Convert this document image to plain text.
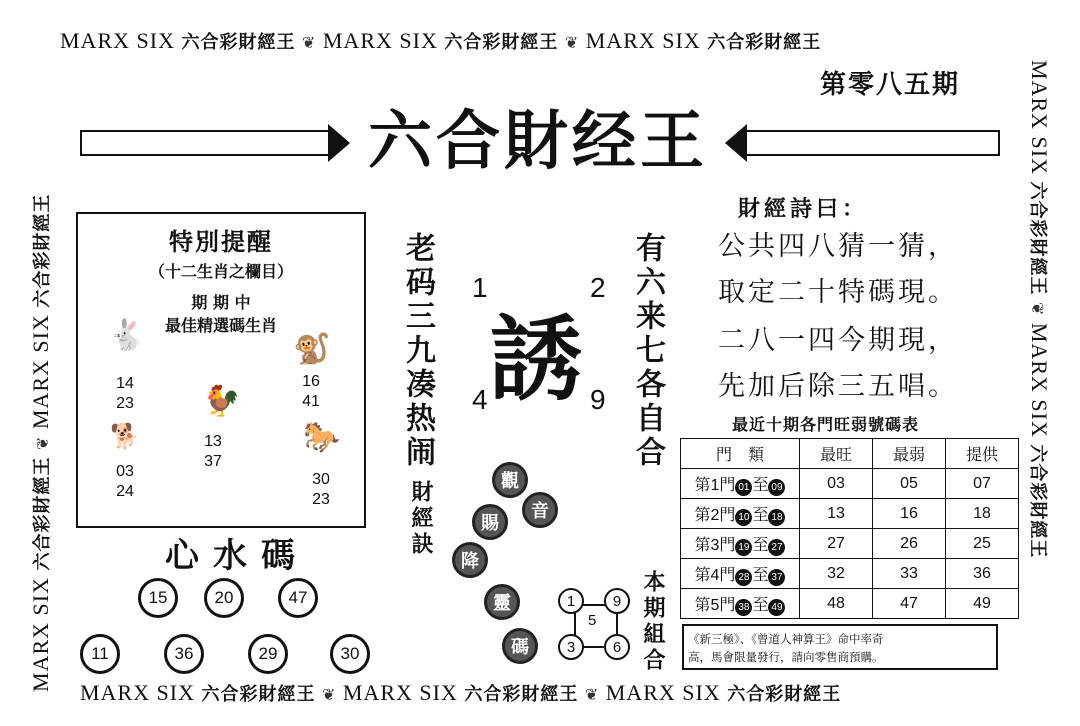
MARX SIX 六合彩財經王 ❦ MARX SIX 六合彩財經王 ❦ MARX SIX 六合彩財經王
MARX SIX 六合彩財經王 ❦ MARX SIX 六合彩財經王 ❦ MARX SIX 六合彩財經王
MARX SIX 六合彩財經王 ❦ MARX SIX 六合彩財經王
MARX SIX 六合彩財經王 ❦ MARX SIX 六合彩財經王
第零八五期
六合財经王
特別提醒
（十二生肖之欄目）
期 期 中
最佳精選碼生肖
🐇
14
23
🐒
16
41
🐓
13
37
🐕
03
24
🐎
30
23
心水碼
15	20	47
11	36	29	30
老码三九凑热闹	有六来七各自合
1	2
誘
4	9
財經訣	觀
音
賜
降
靈
碼
1	9
5
3	6 本期組合
財經詩曰：
公共四八猜一猜，
取定二十特碼現。
二八一四今期現，
先加后除三五唱。
最近十期各門旺弱號碼表
門　類	最旺	最弱	提供
第1門 01 至 09	03	05	07
第2門 10 至 18	13	16	18
第3門 19 至 27	27	26	25
第4門 28 至 37	32	33	36
第5門 38 至 49	48	47	49
《新三極》、《曾道人神算王》命中率奇
高，馬會限量發行，請向零售商預購。
